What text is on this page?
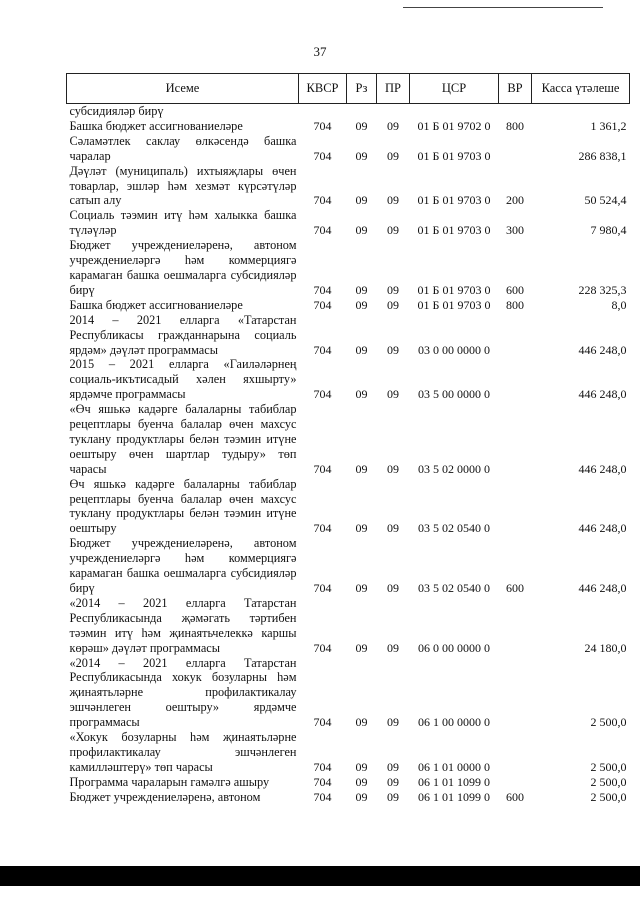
37
Исеме	КВСР	Рз	ПР	ЦСР	ВР	Касса үтәлеше
субсидияләр бирү						
Башка бюджет ассигнованиеләре	704	09	09	01 Б 01 9702 0	800	1 361,2
Сәламәтлек саклау өлкәсендә башка чаралар	704	09	09	01 Б 01 9703 0		286 838,1
Дәүләт (муниципаль) ихтыяҗлары өчен товарлар, эшләр һәм хезмәт күрсәтүләр сатып алу	704	09	09	01 Б 01 9703 0	200	50 524,4
Социаль тәэмин итү һәм халыкка башка түләүләр	704	09	09	01 Б 01 9703 0	300	7 980,4
Бюджет учреждениеләренә, автоном учреждениеләргә һәм коммерциягә карамаган башка оешмаларга субсидияләр бирү	704	09	09	01 Б 01 9703 0	600	228 325,3
Башка бюджет ассигнованиеләре	704	09	09	01 Б 01 9703 0	800	8,0
2014 – 2021 елларга «Татарстан Республикасы гражданнарына социаль ярдәм» дәүләт программасы	704	09	09	03 0 00 0000 0		446 248,0
2015 – 2021 елларга «Гаиләләрнең социаль-икътисадый хәлен яхшырту» ярдәмче программасы	704	09	09	03 5 00 0000 0		446 248,0
«Өч яшькә кадәрге балаларны табиблар рецептлары буенча балалар өчен махсус туклану продуктлары белән тәэмин итүне оештыру өчен шартлар тудыру» төп чарасы	704	09	09	03 5 02 0000 0		446 248,0
Өч яшькә кадәрге балаларны табиблар рецептлары буенча балалар өчен махсус туклану продуктлары белән тәэмин итүне оештыру	704	09	09	03 5 02 0540 0		446 248,0
Бюджет учреждениеләренә, автоном учреждениеләргә һәм коммерциягә карамаган башка оешмаларга субсидияләр бирү	704	09	09	03 5 02 0540 0	600	446 248,0
«2014 – 2021 елларга Татарстан Республикасында җәмәгать тәртибен тәэмин итү һәм җинаятьчелеккә каршы көрәш» дәүләт программасы	704	09	09	06 0 00 0000 0		24 180,0
«2014 – 2021 елларга Татарстан Республикасында хокук бозуларны һәм җинаятьләрне профилактикалау эшчәнлеген оештыру» ярдәмче программасы	704	09	09	06 1 00 0000 0		2 500,0
«Хокук бозуларны һәм җинаятьләрне профилактикалау эшчәнлеген камилләштерү» төп чарасы	704	09	09	06 1 01 0000 0		2 500,0
Программа чараларын гамәлгә ашыру	704	09	09	06 1 01 1099 0		2 500,0
Бюджет учреждениеләренә, автоном	704	09	09	06 1 01 1099 0	600	2 500,0
